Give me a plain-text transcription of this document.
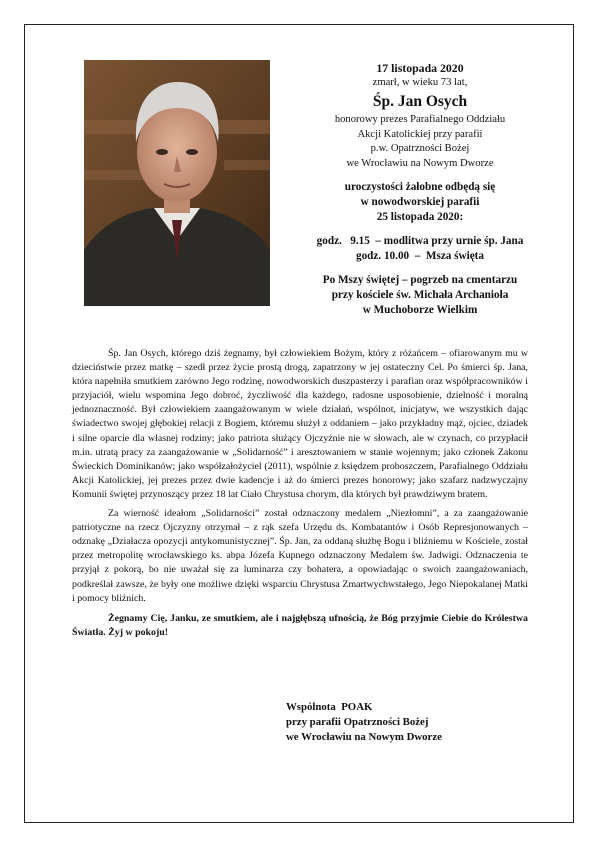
17 listopada 2020
zmarł, w wieku 73 lat,
Śp. Jan Osych
honorowy prezes Parafialnego Oddziału
Akcji Katolickiej przy parafii
p.w. Opatrzności Bożej
we Wrocławiu na Nowym Dworze
uroczystości żałobne odbędą się
w nowodworskiej parafii
25 listopada 2020:
godz.   9.15  – modlitwa przy urnie śp. Jana
godz. 10.00  –  Msza święta
Po Mszy świętej – pogrzeb na cmentarzu
przy kościele św. Michała Archanioła
w Muchoborze Wielkim

Śp. Jan Osych, którego dziś żegnamy, był człowiekiem Bożym, który z różańcem – ofiarowanym mu w dzieciństwie przez matkę – szedł przez życie prostą drogą, zapatrzony w jej ostateczny Cel. Po śmierci śp. Jana, która napełniła smutkiem zarówno Jego rodzinę, nowodworskich duszpasterzy i parafian oraz współpracowników i przyjaciół, wielu wspomina Jego dobroć, życzliwość dla każdego, radosne usposobienie, dzielność i moralną jednoznaczność. Był człowiekiem zaangażowanym w wiele działań, wspólnot, inicjatyw, we wszystkich dając świadectwo swojej głębokiej relacji z Bogiem, któremu służył z oddaniem – jako przykładny mąż, ojciec, dziadek i silne oparcie dla własnej rodziny; jako patriota służący Ojczyźnie nie w słowach, ale w czynach, co przypłacił m.in. utratą pracy za zaangażowanie w „Solidarność” i aresztowaniem w stanie wojennym; jako członek Zakonu Świeckich Dominikanów; jako współzałożyciel (2011), wspólnie z księdzem proboszczem, Parafialnego Oddziału Akcji Katolickiej, jej prezes przez dwie kadencje i aż do śmierci prezes honorowy; jako szafarz nadzwyczajny Komunii świętej przynoszący przez 18 lat Ciało Chrystusa chorym, dla których był prawdziwym bratem.

Za wierność ideałom „Solidarności” został odznaczony medalem „Niezłomni”, a za zaangażowanie patriotyczne na rzecz Ojczyzny otrzymał – z rąk szefa Urzędu ds. Kombatantów i Osób Represjonowanych – odznakę „Działacza opozycji antykomunistycznej”. Śp. Jan, za oddaną służbę Bogu i bliźniemu w Kościele, został przez metropolitę wrocławskiego ks. abpa Józefa Kupnego odznaczony Medalem św. Jadwigi. Odznaczenia te przyjął z pokorą, bo nie uważał się za luminarza czy bohatera, a opowiadając o swoich zaangażowaniach, podkreślał zawsze, że były one możliwe dzięki wsparciu Chrystusa Zmartwychwstałego, Jego Niepokalanej Matki i pomocy bliźnich.

Żegnamy Cię, Janku, ze smutkiem, ale i najgłębszą ufnością, że Bóg przyjmie Ciebie do Królestwa Światła. Żyj w pokoju!

Wspólnota  POAK
przy parafii Opatrzności Bożej
we Wrocławiu na Nowym Dworze
